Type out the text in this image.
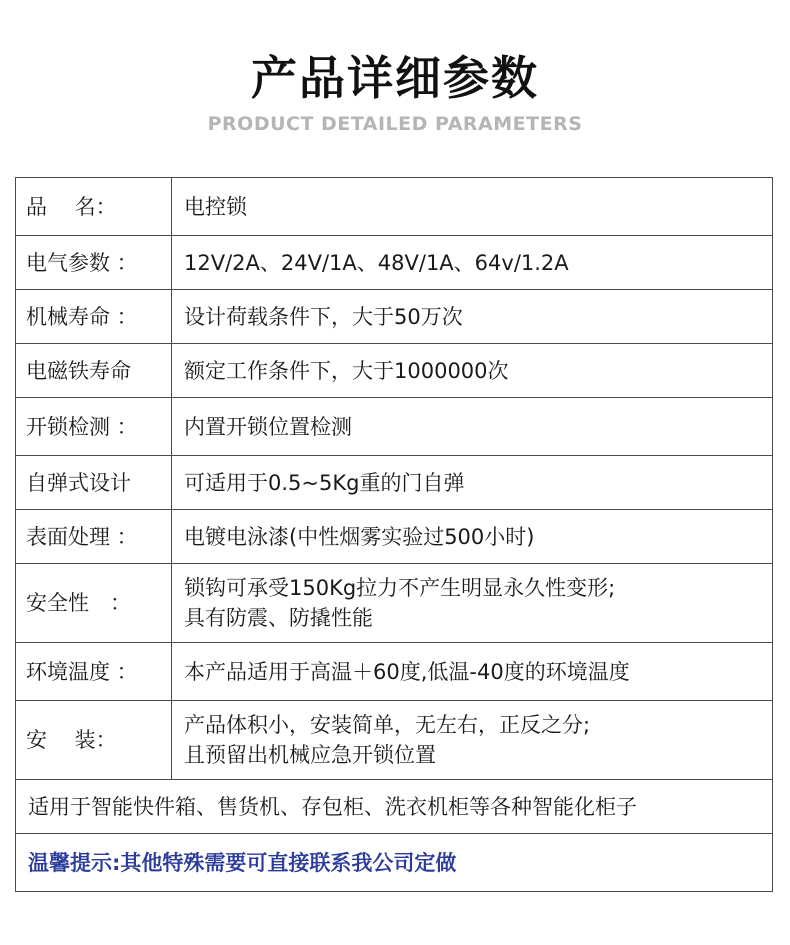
产品详细参数
PRODUCT DETAILED PARAMETERS
品　 名：	电控锁

电气参数 ：	12V/2A、24V/1A、48V/1A、64v/1.2A

机械寿命 ：	设计荷载条件下，大于50万次

电磁铁寿命	额定工作条件下，大于1000000次

开锁检测 ：	内置开锁位置检测

自弹式设计	可适用于0.5~5Kg重的门自弹

表面处理 ：	电镀电泳漆(中性烟雾实验过500小时)

安全性　：	锁钩可承受150Kg拉力不产生明显永久性变形;
具有防震、防撬性能

环境温度 ：	本产品适用于高温＋60度,低温-40度的环境温度

安　 装：	产品体积小，安装简单，无左右，正反之分;
且预留出机械应急开锁位置

适用于智能快件箱、售货机、存包柜、洗衣机柜等各种智能化柜子	
温馨提示:其他特殊需要可直接联系我公司定做	
